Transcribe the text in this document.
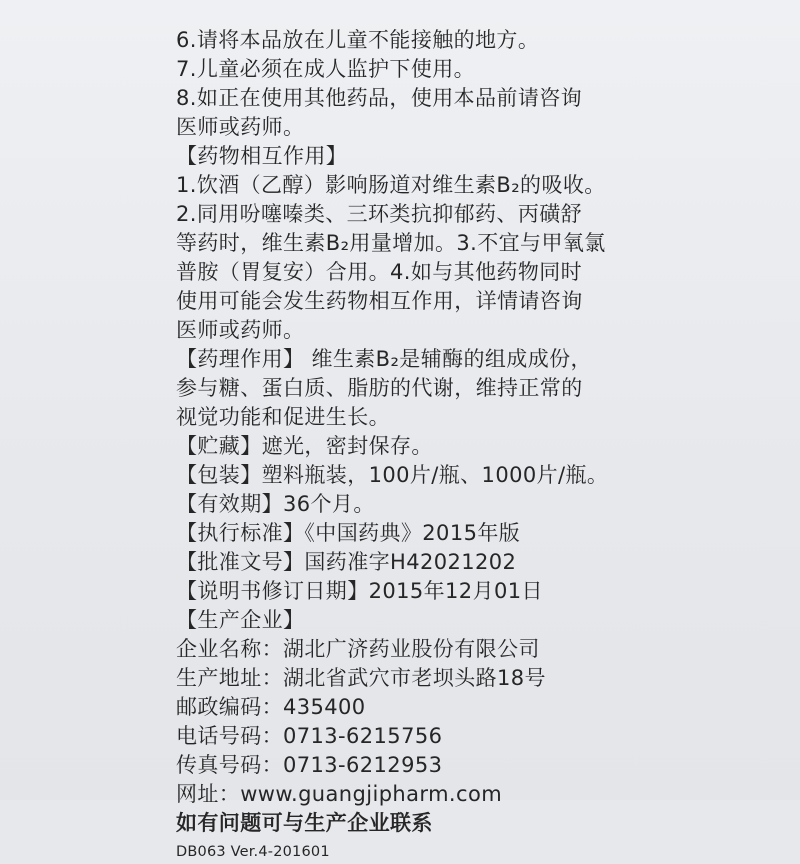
6.请将本品放在儿童不能接触的地方。
7.儿童必须在成人监护下使用。
8.如正在使用其他药品，使用本品前请咨询
医师或药师。
【药物相互作用】
1.饮酒（乙醇）影响肠道对维生素B₂的吸收。
2.同用吩噻嗪类、三环类抗抑郁药、丙磺舒
等药时，维生素B₂用量增加。3.不宜与甲氧氯
普胺（胃复安）合用。4.如与其他药物同时
使用可能会发生药物相互作用，详情请咨询
医师或药师。
【药理作用】 维生素B₂是辅酶的组成成份，
参与糖、蛋白质、脂肪的代谢，维持正常的
视觉功能和促进生长。
【贮藏】遮光，密封保存。
【包装】塑料瓶装，100片/瓶、1000片/瓶。
【有效期】36个月。
【执行标准】《中国药典》2015年版
【批准文号】国药准字H42021202
【说明书修订日期】2015年12月01日
【生产企业】
企业名称：湖北广济药业股份有限公司
生产地址：湖北省武穴市老坝头路18号
邮政编码：435400
电话号码：0713-6215756
传真号码：0713-6212953
网址：www.guangjipharm.com
如有问题可与生产企业联系
DB063 Ver.4-201601
